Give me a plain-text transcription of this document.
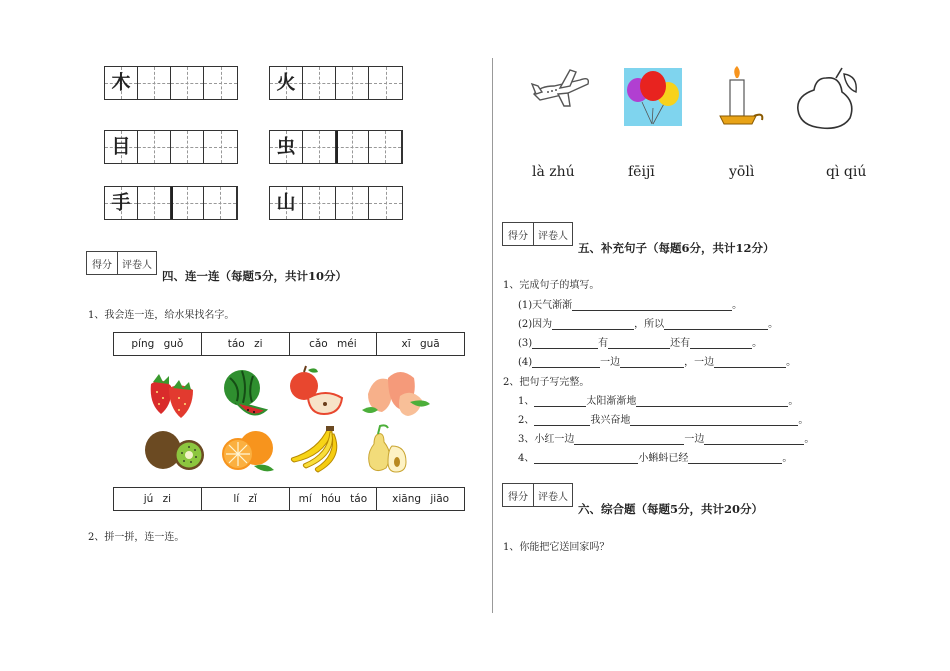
木	火
目	虫
手	山
得分	评卷人
四、连一连（每题5分，共计10分）
1、我会连一连，给水果找名字。
píng guǒ	táo zi	cǎo méi	xī guā
jú zi	lí zǐ	mí hóu táo	xiāng jiāo
2、拼一拼，连一连。
là zhú	fēijī	yōlì	qì qiú
得分	评卷人
五、补充句子（每题6分，共计12分）
1、完成句子的填写。
(1)天气渐渐	。
(2)因为	，所以	。
(3)	有	还有	。
(4)	一边	，一边	。
2、把句子写完整。
1、	太阳渐渐地	。
2、	我兴奋地	。
3、小红一边	一边	。
4、	小蝌蚪已经	。
得分	评卷人
六、综合题（每题5分，共计20分）
1、你能把它送回家吗？
